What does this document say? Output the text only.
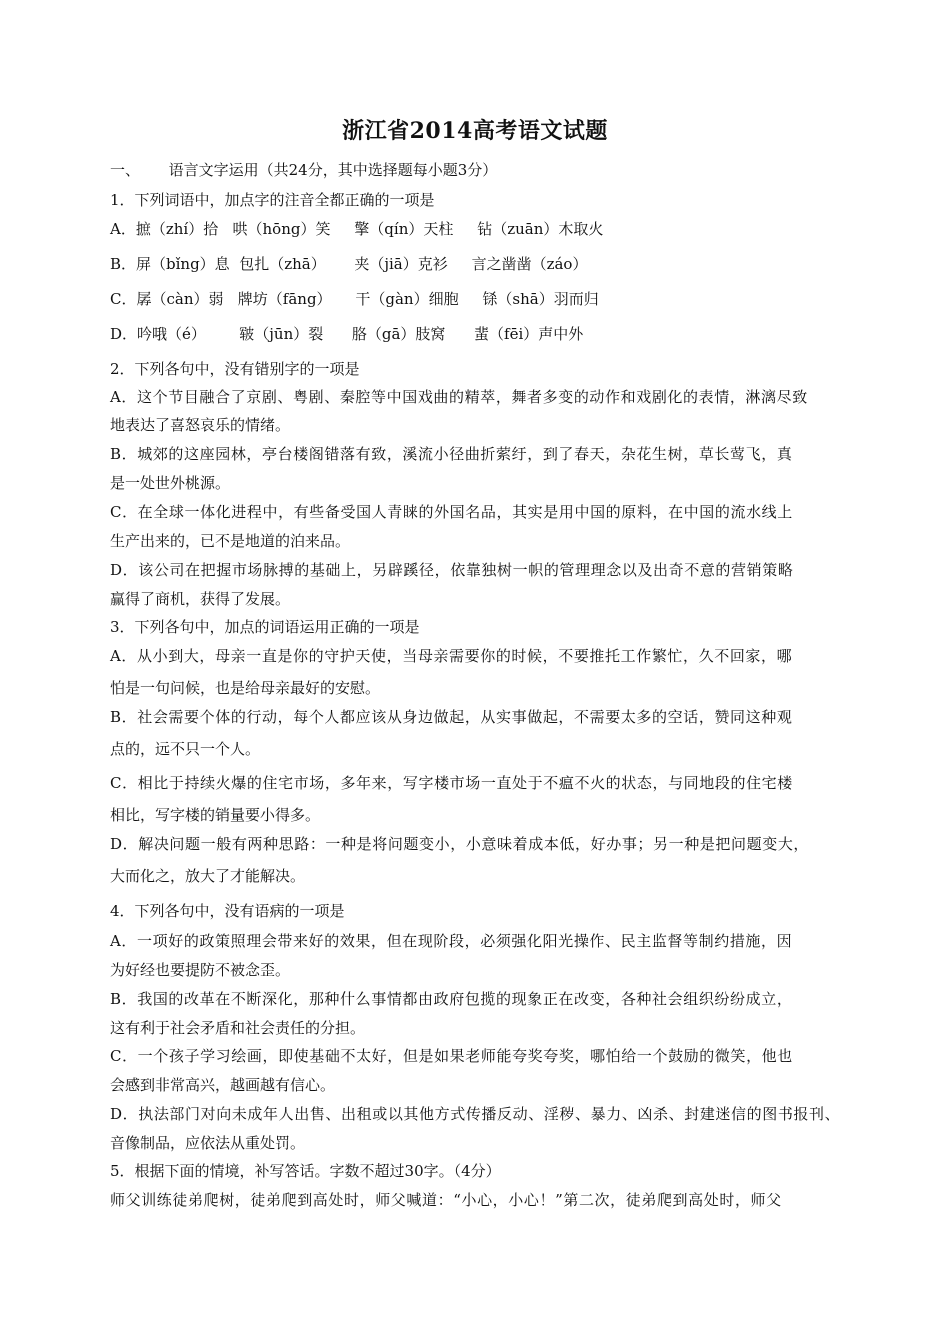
浙江省2014高考语文试题
一、      语言文字运用（共24分，其中选择题每小题3分）
1．下列词语中，加点字的注音全都正确的一项是
A．摭（zhí）拾   哄（hōng）笑     擎（qín）天柱     钻（zuān）木取火
B．屏（bǐng）息  包扎（zhā）      夹（jiā）克衫     言之凿凿（záo）
C．孱（càn）弱   牌坊（fāng）     干（gàn）细胞     铩（shā）羽而归
D．吟哦（é）       皲（jūn）裂      胳（gā）肢窝      蜚（fēi）声中外
2．下列各句中，没有错别字的一项是
A．这个节目融合了京剧、粤剧、秦腔等中国戏曲的精萃，舞者多变的动作和戏剧化的表情，淋漓尽致
地表达了喜怒哀乐的情绪。
B．城郊的这座园林，亭台楼阁错落有致，溪流小径曲折萦纡，到了春天，杂花生树，草长莺飞，真
是一处世外桃源。
C．在全球一体化进程中，有些备受国人青睐的外国名品，其实是用中国的原料，在中国的流水线上
生产出来的，已不是地道的泊来品。
D．该公司在把握市场脉搏的基础上，另辟蹊径，依靠独树一帜的管理理念以及出奇不意的营销策略
赢得了商机，获得了发展。
3．下列各句中，加点的词语运用正确的一项是
A．从小到大，母亲一直是你的守护天使，当母亲需要你的时候，不要推托工作繁忙，久不回家，哪
怕是一句问候，也是给母亲最好的安慰。
B．社会需要个体的行动，每个人都应该从身边做起，从实事做起，不需要太多的空话，赞同这种观
点的，远不只一个人。
C．相比于持续火爆的住宅市场，多年来，写字楼市场一直处于不瘟不火的状态，与同地段的住宅楼
相比，写字楼的销量要小得多。
D．解决问题一般有两种思路：一种是将问题变小，小意味着成本低，好办事；另一种是把问题变大，
大而化之，放大了才能解决。
4．下列各句中，没有语病的一项是
A．一项好的政策照理会带来好的效果，但在现阶段，必须强化阳光操作、民主监督等制约措施，因
为好经也要提防不被念歪。
B．我国的改革在不断深化，那种什么事情都由政府包揽的现象正在改变，各种社会组织纷纷成立，
这有利于社会矛盾和社会责任的分担。
C．一个孩子学习绘画，即使基础不太好，但是如果老师能夸奖夸奖，哪怕给一个鼓励的微笑，他也
会感到非常高兴，越画越有信心。
D．执法部门对向未成年人出售、出租或以其他方式传播反动、淫秽、暴力、凶杀、封建迷信的图书报刊、
音像制品，应依法从重处罚。
5．根据下面的情境，补写答话。字数不超过30字。（4分）
师父训练徒弟爬树，徒弟爬到高处时，师父喊道：“小心，小心！”第二次，徒弟爬到高处时，师父
